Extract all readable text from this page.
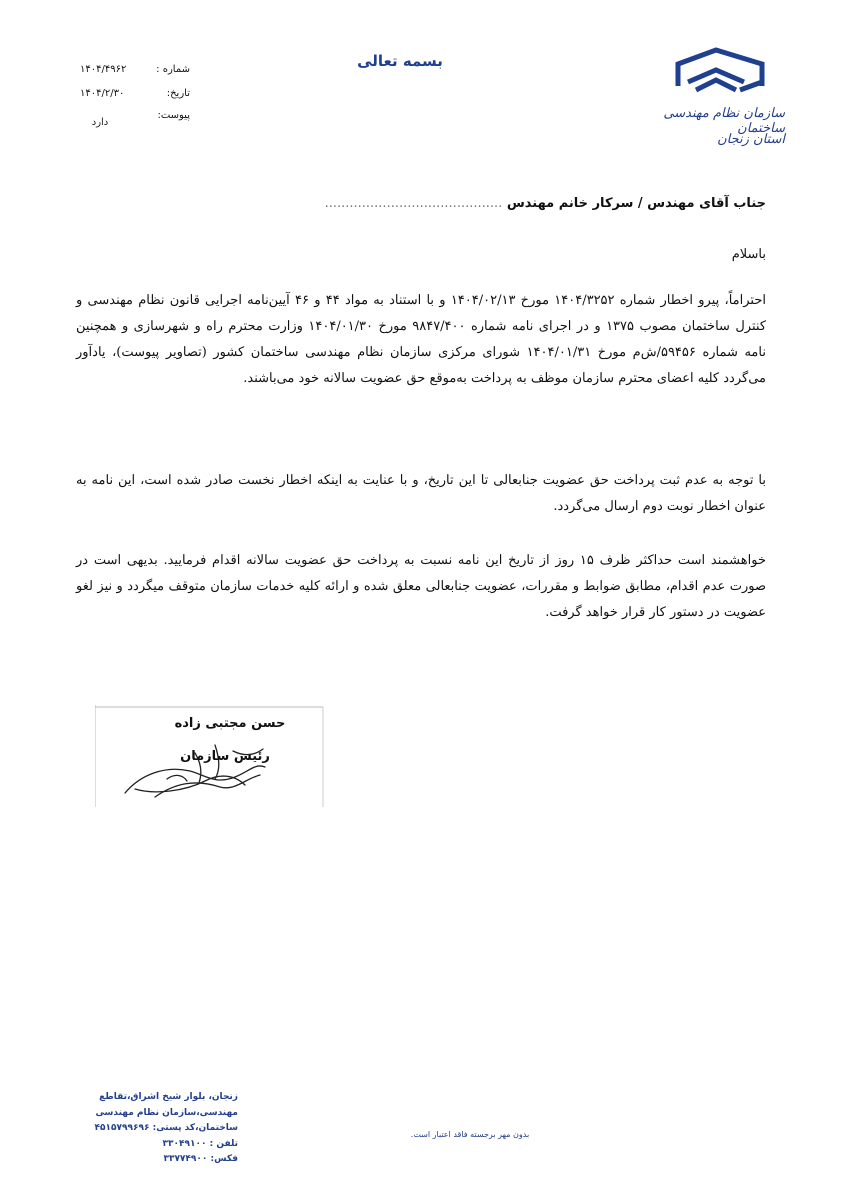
بسمه تعالی
شماره :
۱۴۰۴/۴۹۶۲
تاریخ:
۱۴۰۴/۲/۳۰
پیوست:
دارد
سازمان نظام مهندسی ساختمان
استان زنجان
جناب آقای مهندس / سرکار خانم مهندس ...........................................
باسلام
احتراماً، پیرو اخطار شماره ۱۴۰۴/۳۲۵۲ مورخ ۱۴۰۴/۰۲/۱۳ و با استناد به مواد ۴۴ و ۴۶ آیین‌نامه اجرایی قانون نظام مهندسی و کنترل ساختمان مصوب ۱۳۷۵ و در اجرای نامه شماره ۹۸۴۷/۴۰۰ مورخ ۱۴۰۴/۰۱/۳۰ وزارت محترم راه و شهرسازی و همچنین نامه شماره ۵۹۴۵۶/ش‌م مورخ ۱۴۰۴/۰۱/۳۱ شورای مرکزی سازمان نظام مهندسی ساختمان کشور (تصاویر پیوست)، یادآور می‌گردد کلیه اعضای محترم سازمان موظف به پرداخت به‌موقع حق عضویت سالانه خود می‌باشند.
با توجه به عدم ثبت پرداخت حق عضویت جنابعالی تا این تاریخ، و با عنایت به اینکه اخطار نخست صادر شده است، این نامه به عنوان اخطار نوبت دوم ارسال می‌گردد.
خواهشمند است حداکثر ظرف ۱۵ روز از تاریخ این نامه نسبت به پرداخت حق عضویت سالانه اقدام فرمایید. بدیهی است در صورت عدم اقدام، مطابق ضوابط و مقررات، عضویت جنابعالی معلق شده و ارائه کلیه خدمات سازمان متوقف میگردد و نیز لغو عضویت در دستور کار قرار خواهد گرفت.
حسن مجتبی زاده
رئیس سازمان
زنجان، بلوار شیخ اشراق،تقاطع
مهندسی،سازمان نظام مهندسی
ساختمان،کد پستی: ۴۵۱۵۷۹۹۶۹۶
تلفن : ۳۳۰۴۹۱۰۰
فکس: ۳۳۷۷۴۹۰۰
بدون مهر برجسته فاقد اعتبار است.
